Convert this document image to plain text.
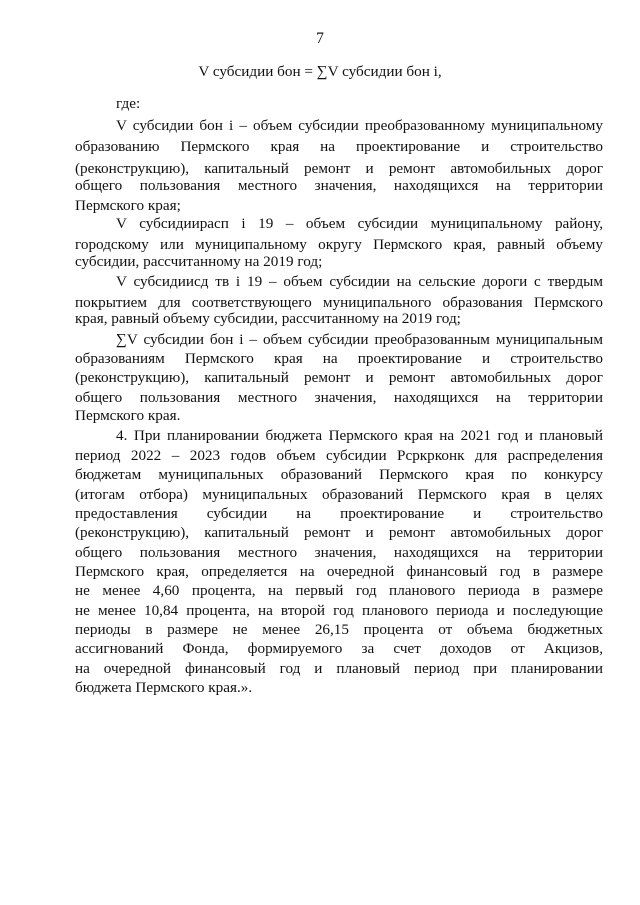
7
V субсидии бон = ∑V субсидии бон i,
где:
V субсидии бон i – объем субсидии преобразованному муниципальному
образованию Пермского края на проектирование и строительство
(реконструкцию), капитальный ремонт и ремонт автомобильных дорог
общего пользования местного значения, находящихся на территории
Пермского края;
V субсидиирасп i 19 – объем субсидии муниципальному району,
городскому или муниципальному округу Пермского края, равный объему
субсидии, рассчитанному на 2019 год;
V субсидиисд тв i 19 – объем субсидии на сельские дороги с твердым
покрытием для соответствующего муниципального образования Пермского
края, равный объему субсидии, рассчитанному на 2019 год;
∑V субсидии бон i – объем субсидии преобразованным муниципальным
образованиям Пермского края на проектирование и строительство
(реконструкцию), капитальный ремонт и ремонт автомобильных дорог
общего пользования местного значения, находящихся на территории
Пермского края.
4. При планировании бюджета Пермского края на 2021 год и плановый
период 2022 – 2023 годов объем субсидии Рсркрконк для распределения
бюджетам муниципальных образований Пермского края по конкурсу
(итогам отбора) муниципальных образований Пермского края в целях
предоставления субсидии на проектирование и строительство
(реконструкцию), капитальный ремонт и ремонт автомобильных дорог
общего пользования местного значения, находящихся на территории
Пермского края, определяется на очередной финансовый год в размере
не менее 4,60 процента, на первый год планового периода в размере
не менее 10,84 процента, на второй год планового периода и последующие
периоды в размере не менее 26,15 процента от объема бюджетных
ассигнований Фонда, формируемого за счет доходов от Акцизов,
на очередной финансовый год и плановый период при планировании
бюджета Пермского края.».
